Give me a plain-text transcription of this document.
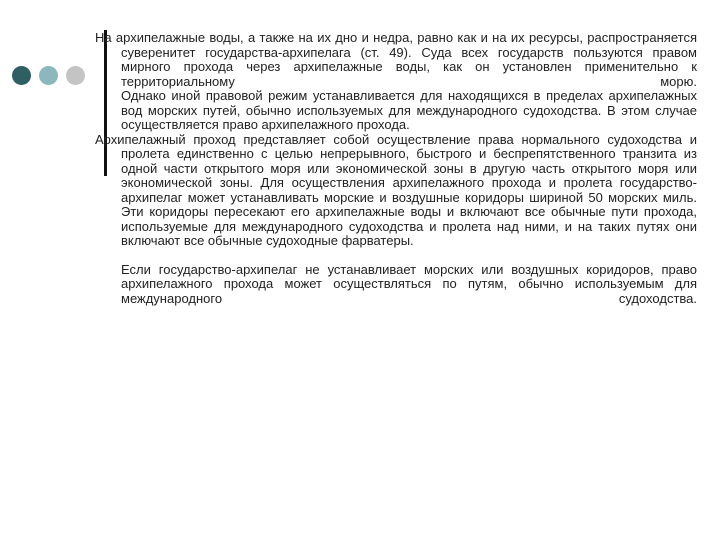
На архипелажные воды, а также на их дно и недра, равно как и на их ресурсы, распространяется суверенитет государства-архипелага (ст. 49). Суда всех государств пользуются правом мирного прохода через архипелажные воды, как он установлен применительно к территориальному морю.

Однако иной правовой режим устанавливается для находящихся в пределах архипелажных вод морских путей, обычно используемых для международного судоходства. В этом случае осуществляется право архипелажного прохода.

Архипелажный проход представляет собой осуществление права нормального судоходства и пролета единственно с целью непрерывного, быстрого и беспрепятственного транзита из одной части открытого моря или экономической зоны в другую часть открытого моря или экономической зоны. Для осуществления архипелажного прохода и пролета государство-архипелаг может устанавливать морские и воздушные коридоры шириной 50 морских миль. Эти коридоры пересекают его архипелажные воды и включают все обычные пути прохода, используемые для международного судоходства и пролета над ними, и на таких путях они включают все обычные судоходные фарватеры.

Если государство-архипелаг не устанавливает морских или воздушных коридоров, право архипелажного прохода может осуществляться по путям, обычно используемым для международного судоходства.
